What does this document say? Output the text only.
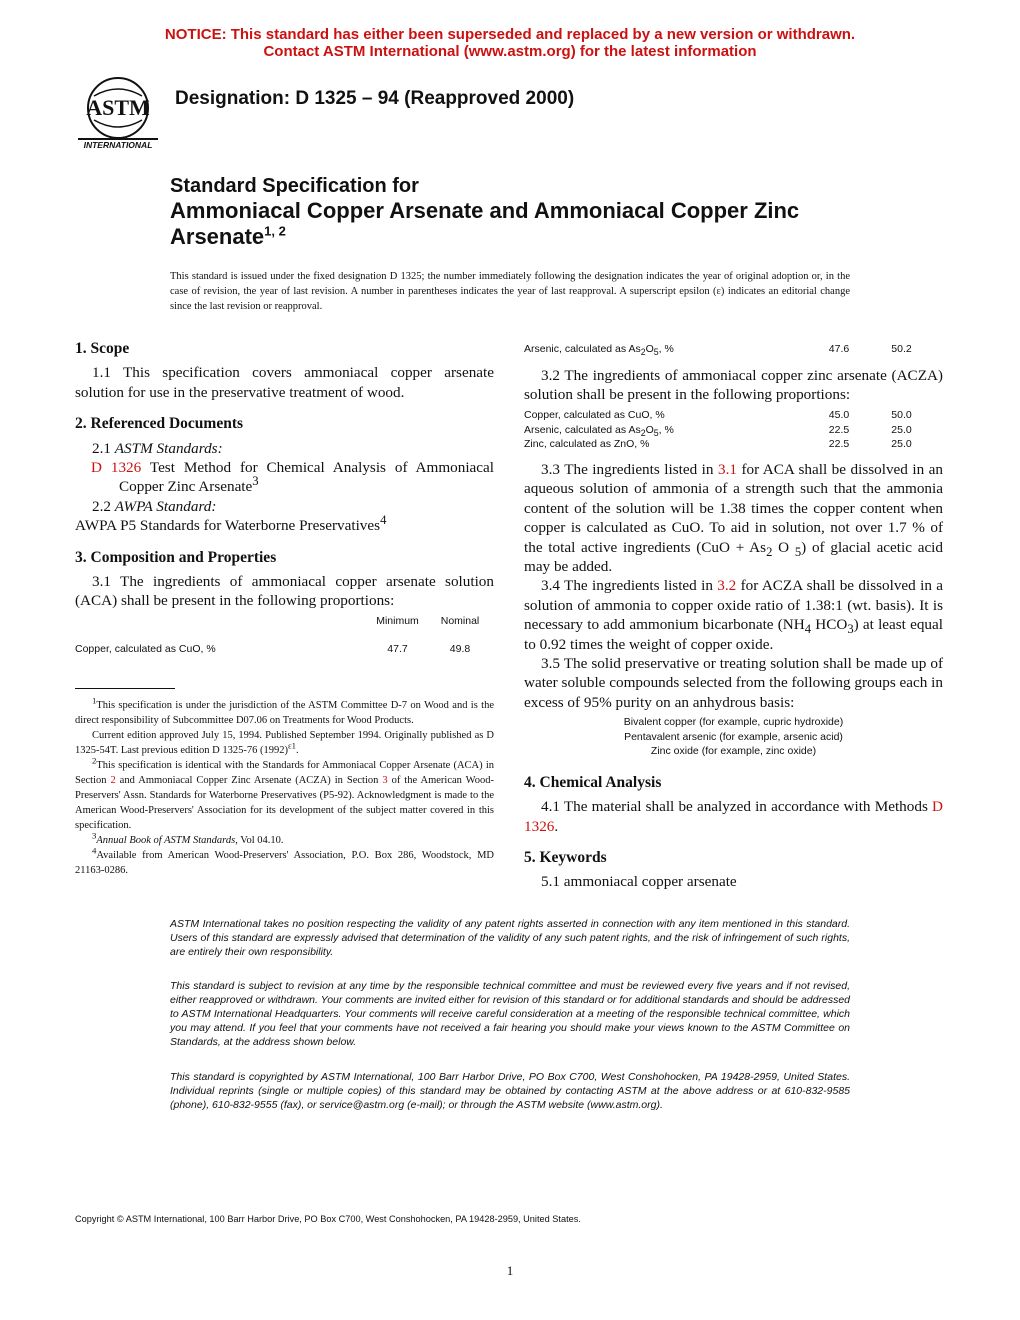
NOTICE: This standard has either been superseded and replaced by a new version or withdrawn.
Contact ASTM International (www.astm.org) for the latest information
ASTM
INTERNATIONAL
Designation: D 1325 – 94 (Reapproved 2000)
Standard Specification for
Ammoniacal Copper Arsenate and Ammoniacal Copper Zinc
Arsenate$^{1, 2}$
This standard is issued under the fixed designation D 1325; the number immediately following the designation indicates the year of original adoption or, in the case of revision, the year of last revision. A number in parentheses indicates the year of last reapproval. A superscript epsilon (ε) indicates an editorial change since the last revision or reapproval.
1. Scope

1.1 This specification covers ammoniacal copper arsenate solution for use in the preservative treatment of wood.

2. Referenced Documents

2.1 ASTM Standards:

D 1326 Test Method for Chemical Analysis of Ammoniacal Copper Zinc Arsenate$^3$

2.2 AWPA Standard:

AWPA P5 Standards for Waterborne Preservatives$^4$

3. Composition and Properties

3.1 The ingredients of ammoniacal copper arsenate solution (ACA) shall be present in the following proportions:

	Minimum	Nominal
Copper, calculated as CuO, %	47.7	49.8

$^1$This specification is under the jurisdiction of the ASTM Committee D-7 on Wood and is the direct responsibility of Subcommittee D07.06 on Treatments for Wood Products.

Current edition approved July 15, 1994. Published September 1994. Originally published as D 1325-54T. Last previous edition D 1325-76 $(1992)^{\varepsilon 1}$.

$^2$This specification is identical with the Standards for Ammoniacal Copper Arsenate (ACA) in Section 2 and Ammoniacal Copper Zinc Arsenate (ACZA) in Section 3 of the American Wood-Preservers' Assn. Standards for Waterborne Preservatives (P5-92). Acknowledgment is made to the American Wood-Preservers' Association for its development of the subject matter covered in this specification.

$^3$Annual Book of ASTM Standards, Vol 04.10.

$^4$Available from American Wood-Preservers' Association, P.O. Box 286, Woodstock, MD 21163-0286.

Arsenic, calculated as $As_2O_5$, %	47.6	50.2

3.2 The ingredients of ammoniacal copper zinc arsenate (ACZA) solution shall be present in the following proportions:

Copper, calculated as CuO, %	45.0	50.0
Arsenic, calculated as $As_2O_5$, %	22.5	25.0
Zinc, calculated as ZnO, %	22.5	25.0

3.3 The ingredients listed in 3.1 for ACA shall be dissolved in an aqueous solution of ammonia of a strength such that the ammonia content of the solution will be 1.38 times the copper content when copper is calculated as CuO. To aid in solution, not over 1.7 % of the total active ingredients ($CuO + As_2$ O $_5$) of glacial acetic acid may be added.

3.4 The ingredients listed in 3.2 for ACZA shall be dissolved in a solution of ammonia to copper oxide ratio of 1.38:1 (wt. basis). It is necessary to add ammonium bicarbonate ($NH_4$ $HCO_3$) at least equal to 0.92 times the weight of copper oxide.

3.5 The solid preservative or treating solution shall be made up of water soluble compounds selected from the following groups each in excess of 95% purity on an anhydrous basis:

Bivalent copper (for example, cupric hydroxide)
Pentavalent arsenic (for example, arsenic acid)
Zinc oxide (for example, zinc oxide)
4. Chemical Analysis

4.1 The material shall be analyzed in accordance with Methods D 1326.

5. Keywords

5.1 ammoniacal copper arsenate

ASTM International takes no position respecting the validity of any patent rights asserted in connection with any item mentioned in this standard. Users of this standard are expressly advised that determination of the validity of any such patent rights, and the risk of infringement of such rights, are entirely their own responsibility.
This standard is subject to revision at any time by the responsible technical committee and must be reviewed every five years and if not revised, either reapproved or withdrawn. Your comments are invited either for revision of this standard or for additional standards and should be addressed to ASTM International Headquarters. Your comments will receive careful consideration at a meeting of the responsible technical committee, which you may attend. If you feel that your comments have not received a fair hearing you should make your views known to the ASTM Committee on Standards, at the address shown below.
This standard is copyrighted by ASTM International, 100 Barr Harbor Drive, PO Box C700, West Conshohocken, PA 19428-2959, United States. Individual reprints (single or multiple copies) of this standard may be obtained by contacting ASTM at the above address or at 610-832-9585 (phone), 610-832-9555 (fax), or service@astm.org (e-mail); or through the ASTM website (www.astm.org).
Copyright © ASTM International, 100 Barr Harbor Drive, PO Box C700, West Conshohocken, PA 19428-2959, United States.
1
